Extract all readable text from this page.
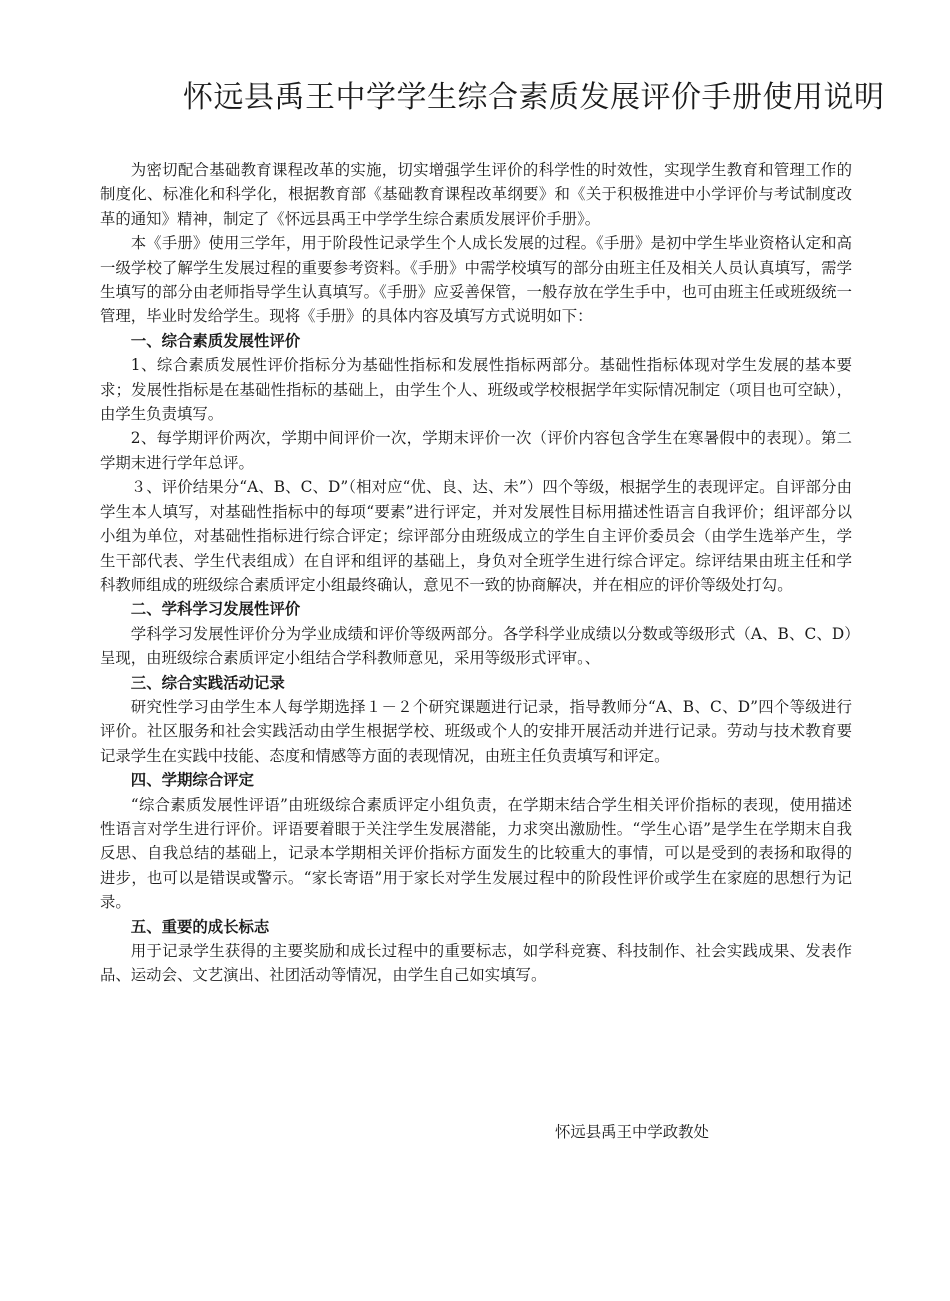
怀远县禹王中学学生综合素质发展评价手册使用说明

为密切配合基础教育课程改革的实施，切实增强学生评价的科学性的时效性，实现学生教育和管理工作的制度化、标准化和科学化，根据教育部《基础教育课程改革纲要》和《关于积极推进中小学评价与考试制度改革的通知》精神，制定了《怀远县禹王中学学生综合素质发展评价手册》。

本《手册》使用三学年，用于阶段性记录学生个人成长发展的过程。《手册》是初中学生毕业资格认定和高一级学校了解学生发展过程的重要参考资料。《手册》中需学校填写的部分由班主任及相关人员认真填写，需学生填写的部分由老师指导学生认真填写。《手册》应妥善保管，一般存放在学生手中，也可由班主任或班级统一管理，毕业时发给学生。现将《手册》的具体内容及填写方式说明如下：

一、综合素质发展性评价

1、综合素质发展性评价指标分为基础性指标和发展性指标两部分。基础性指标体现对学生发展的基本要求；发展性指标是在基础性指标的基础上，由学生个人、班级或学校根据学年实际情况制定（项目也可空缺），由学生负责填写。

2、每学期评价两次，学期中间评价一次，学期末评价一次（评价内容包含学生在寒暑假中的表现）。第二学期末进行学年总评。

３、评价结果分“A、B、C、D”（相对应“优、良、达、未”）四个等级，根据学生的表现评定。自评部分由学生本人填写，对基础性指标中的每项“要素”进行评定，并对发展性目标用描述性语言自我评价；组评部分以小组为单位，对基础性指标进行综合评定；综评部分由班级成立的学生自主评价委员会（由学生选举产生，学生干部代表、学生代表组成）在自评和组评的基础上，身负对全班学生进行综合评定。综评结果由班主任和学科教师组成的班级综合素质评定小组最终确认，意见不一致的协商解决，并在相应的评价等级处打勾。

二、学科学习发展性评价

学科学习发展性评价分为学业成绩和评价等级两部分。各学科学业成绩以分数或等级形式（A、B、C、D）呈现，由班级综合素质评定小组结合学科教师意见，采用等级形式评审。、

三、综合实践活动记录

研究性学习由学生本人每学期选择１－２个研究课题进行记录，指导教师分“A、B、C、D”四个等级进行评价。社区服务和社会实践活动由学生根据学校、班级或个人的安排开展活动并进行记录。劳动与技术教育要记录学生在实践中技能、态度和情感等方面的表现情况，由班主任负责填写和评定。

四、学期综合评定

“综合素质发展性评语”由班级综合素质评定小组负责，在学期末结合学生相关评价指标的表现，使用描述性语言对学生进行评价。评语要着眼于关注学生发展潜能，力求突出激励性。“学生心语”是学生在学期末自我反思、自我总结的基础上，记录本学期相关评价指标方面发生的比较重大的事情，可以是受到的表扬和取得的进步，也可以是错误或警示。“家长寄语”用于家长对学生发展过程中的阶段性评价或学生在家庭的思想行为记录。

五、重要的成长标志

用于记录学生获得的主要奖励和成长过程中的重要标志，如学科竞赛、科技制作、社会实践成果、发表作品、运动会、文艺演出、社团活动等情况，由学生自己如实填写。

怀远县禹王中学政教处
